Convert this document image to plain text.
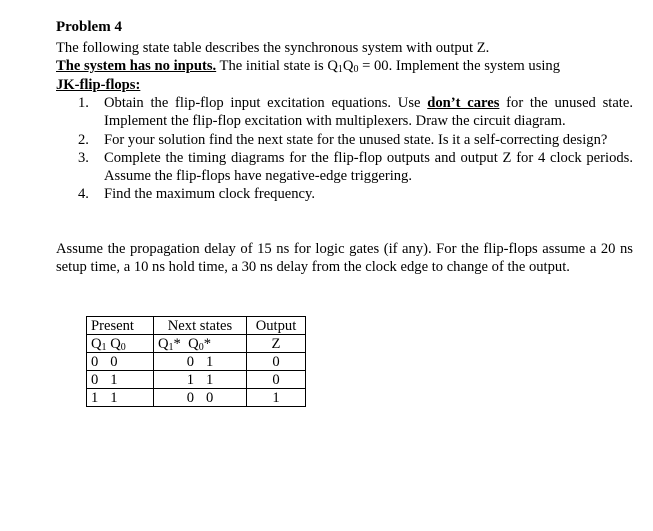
Problem 4
The following state table describes the synchronous system with output Z.
The system has no inputs. The initial state is $Q_1Q_0 = 00$. Implement the system using
JK-flip-flops:
1. Obtain the flip-flop input excitation equations. Use don’t cares for the unused state. Implement the flip-flop excitation with multiplexers. Draw the circuit diagram.
2. For your solution find the next state for the unused state. Is it a self-correcting design?
3. Complete the timing diagrams for the flip-flop outputs and output Z for 4 clock periods. Assume the flip-flops have negative-edge triggering.
4. Find the maximum clock frequency.
Assume the propagation delay of 15 ns for logic gates (if any). For the flip-flops assume a 20 ns setup time, a 10 ns hold time, a 30 ns delay from the clock edge to change of the output.
Present	Next states	Output
$Q_1$ $Q_0$	$Q_1*$ $Q_0*$	Z
0 0	0 1	0
0 1	1 1	0
1 1	0 0	1
